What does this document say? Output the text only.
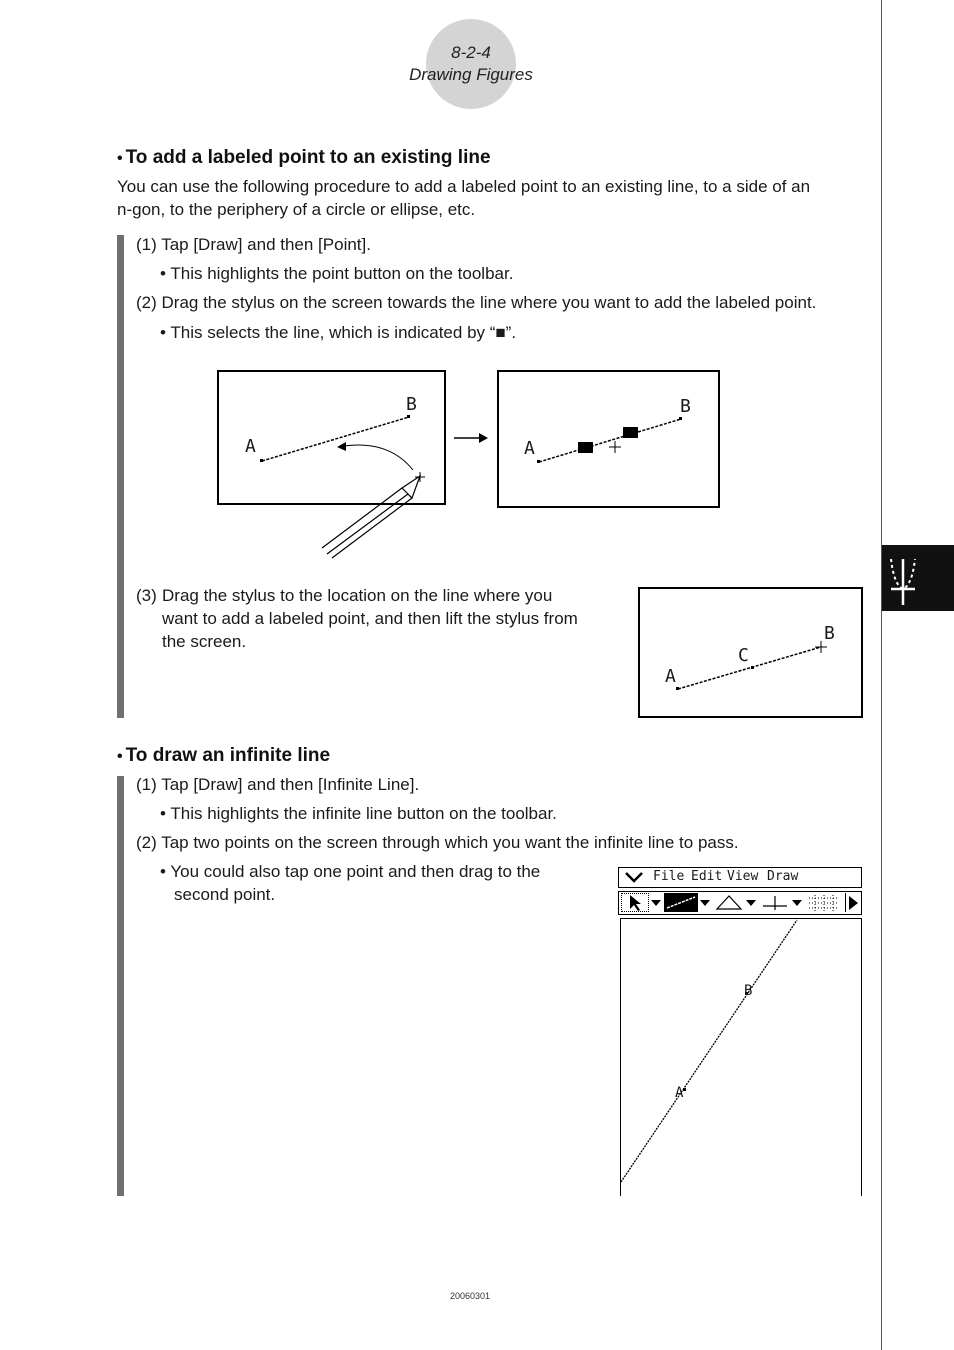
8-2-4
Drawing Figures
• To add a labeled point to an existing line
You can use the following procedure to add a labeled point to an existing line, to a side of an
n-gon, to the periphery of a circle or ellipse, etc.
(1) Tap [Draw] and then [Point].
• This highlights the point button on the toolbar.
(2) Drag the stylus on the screen towards the line where you want to add the labeled point.
• This selects the line, which is indicated by “■”.
A
B
A
B
(3) Drag the stylus to the location on the line where you
want to add a labeled point, and then lift the stylus from
the screen.
A
C
B
• To draw an infinite line
(1) Tap [Draw] and then [Infinite Line].
• This highlights the infinite line button on the toolbar.
(2) Tap two points on the screen through which you want the infinite line to pass.
• You could also tap one point and then drag to the
second point.
File Edit View Draw
A
B
20060301
